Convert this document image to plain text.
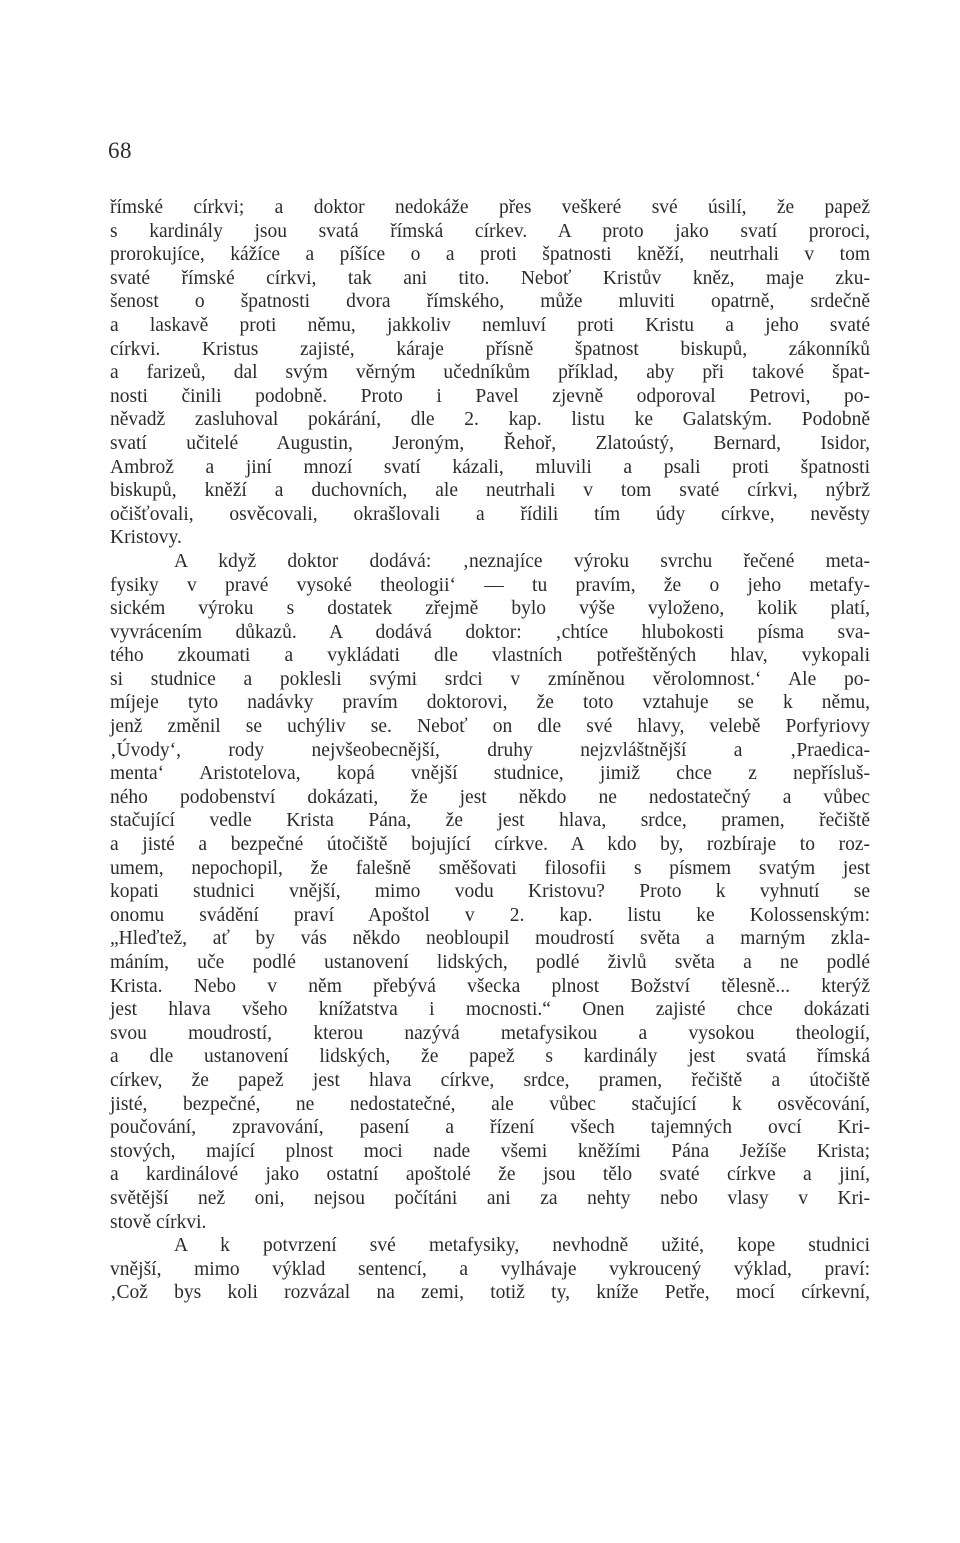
68
římské církvi; a doktor nedokáže přes veškeré své úsilí, že papež
s kardinály jsou svatá římská církev. A proto jako svatí proroci,
prorokujíce, kážíce a píšíce o a proti špatnosti kněží, neutrhali v tom
svaté římské církvi, tak ani tito. Neboť Kristův kněz, maje zku-
šenost o špatnosti dvora římského, může mluviti opatrně, srdečně
a laskavě proti němu, jakkoliv nemluví proti Kristu a jeho svaté
církvi. Kristus zajisté, káraje přísně špatnost biskupů, zákonníků
a farizeů, dal svým věrným učedníkům příklad, aby při takové špat-
nosti činili podobně. Proto i Pavel zjevně odporoval Petrovi, po-
něvadž zasluhoval pokárání, dle 2. kap. listu ke Galatským. Podobně
svatí učitelé Augustin, Jeroným, Řehoř, Zlatoústý, Bernard, Isidor,
Ambrož a jiní mnozí svatí kázali, mluvili a psali proti špatnosti
biskupů, kněží a duchovních, ale neutrhali v tom svaté církvi, nýbrž
očišťovali, osvěcovali, okrašlovali a řídili tím údy církve, nevěsty
Kristovy.
A když doktor dodává: ‚neznajíce výroku svrchu řečené meta-
fysiky v pravé vysoké theologii‘ — tu pravím, že o jeho metafy-
sickém výroku s dostatek zřejmě bylo výše vyloženo, kolik platí,
vyvrácením důkazů. A dodává doktor: ‚chtíce hlubokosti písma sva-
tého zkoumati a vykládati dle vlastních potřeštěných hlav, vykopali
si studnice a poklesli svými srdci v zmíněnou věrolomnost.‘ Ale po-
míjeje tyto nadávky pravím doktorovi, že toto vztahuje se k němu,
jenž změnil se uchýliv se. Neboť on dle své hlavy, velebě Porfyriovy
‚Úvody‘, rody nejvšeobecnější, druhy nejzvláštnější a ‚Praedica-
menta‘ Aristotelova, kopá vnější studnice, jimiž chce z nepřísluš-
ného podobenství dokázati, že jest někdo ne nedostatečný a vůbec
stačující vedle Krista Pána, že jest hlava, srdce, pramen, řečiště
a jisté a bezpečné útočiště bojující církve. A kdo by, rozbíraje to roz-
umem, nepochopil, že falešně směšovati filosofii s písmem svatým jest
kopati studnici vnější, mimo vodu Kristovu? Proto k vyhnutí se
onomu svádění praví Apoštol v 2. kap. listu ke Kolossenským:
„Hleďtež, ať by vás někdo neobloupil moudrostí světa a marným zkla-
máním, uče podlé ustanovení lidských, podlé živlů světa a ne podlé
Krista. Nebo v něm přebývá všecka plnost Božství tělesně... kterýž
jest hlava všeho knížatstva i mocnosti.“ Onen zajisté chce dokázati
svou moudrostí, kterou nazývá metafysikou a vysokou theologií,
a dle ustanovení lidských, že papež s kardinály jest svatá římská
církev, že papež jest hlava církve, srdce, pramen, řečiště a útočiště
jisté, bezpečné, ne nedostatečné, ale vůbec stačující k osvěcování,
poučování, zpravování, pasení a řízení všech tajemných ovcí Kri-
stových, mající plnost moci nade všemi kněžími Pána Ježíše Krista;
a kardinálové jako ostatní apoštolé že jsou tělo svaté církve a jiní,
světější než oni, nejsou počítáni ani za nehty nebo vlasy v Kri-
stově církvi.
A k potvrzení své metafysiky, nevhodně užité, kope studnici
vnější, mimo výklad sentencí, a vylhávaje vykroucený výklad, praví:
‚Což bys koli rozvázal na zemi, totiž ty, kníže Petře, mocí církevní,
